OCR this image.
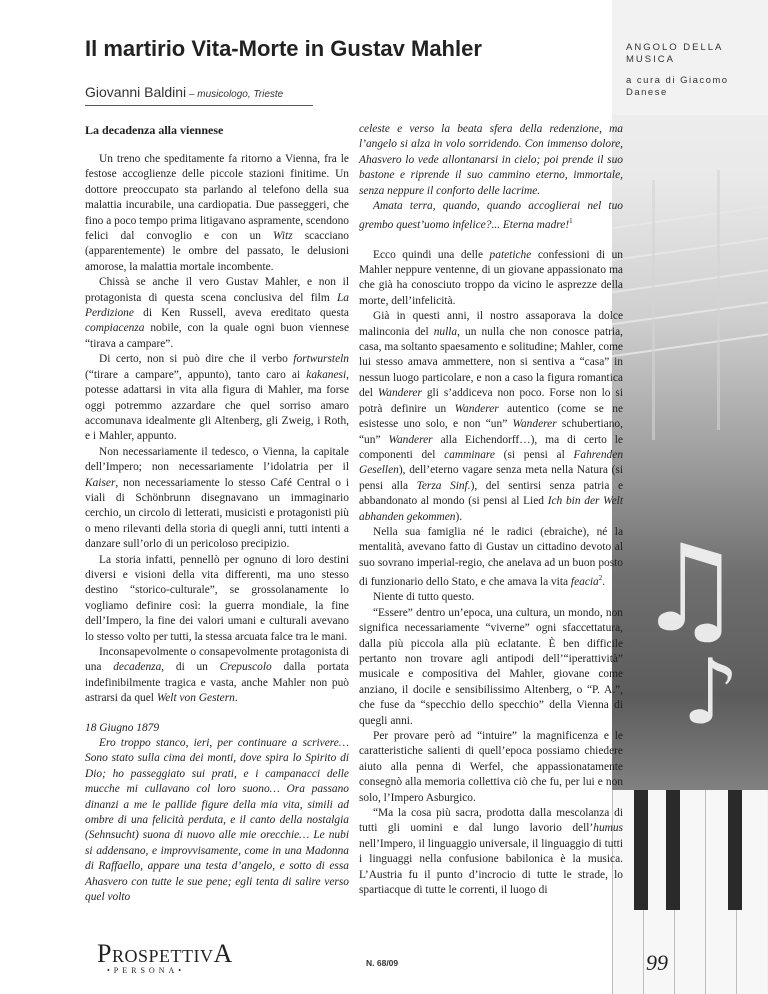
♫
♪
ANGOLO DELLA MUSICA
a cura di Giacomo Danese
Il martirio Vita-Morte in Gustav Mahler
Giovanni Baldini – musicologo, Trieste
La decadenza alla viennese

Un treno che speditamente fa ritorno a Vienna, fra le festose accoglienze delle piccole stazioni finitime. Un dottore preoccupato sta parlando al telefono della sua malattia incurabile, una cardiopatia. Due passeggeri, che fino a poco tempo prima litigavano aspramente, scendono felici dal convoglio e con un Witz scacciano (apparentemente) le ombre del passato, le delusioni amorose, la malattia mortale incombente.

Chissà se anche il vero Gustav Mahler, e non il protagonista di questa scena conclusiva del film La Perdizione di Ken Russell, aveva ereditato questa compiacenza nobile, con la quale ogni buon viennese “tirava a campare”.

Di certo, non si può dire che il verbo fortwursteln (“tirare a campare”, appunto), tanto caro ai kakanesi, potesse adattarsi in vita alla figura di Mahler, ma forse oggi potremmo azzardare che quel sorriso amaro accomunava idealmente gli Altenberg, gli Zweig, i Roth, e i Mahler, appunto.

Non necessariamente il tedesco, o Vienna, la capitale dell’Impero; non necessariamente l’idolatria per il Kaiser, non necessariamente lo stesso Café Central o i viali di Schönbrunn disegnavano un immaginario cerchio, un circolo di letterati, musicisti e protagonisti più o meno rilevanti della storia di quegli anni, tutti intenti a danzare sull’orlo di un pericoloso precipizio.

La storia infatti, pennellò per ognuno di loro destini diversi e visioni della vita differenti, ma uno stesso destino “storico-culturale”, se grossolanamente lo vogliamo definire così: la guerra mondiale, la fine dell’Impero, la fine dei valori umani e culturali avevano lo stesso volto per tutti, la stessa arcuata falce tra le mani.

Inconsapevolmente o consapevolmente protagonista di una decadenza, di un Crepuscolo dalla portata indefinibilmente tragica e vasta, anche Mahler non può astrarsi da quel Welt von Gestern.

18 Giugno 1879

Ero troppo stanco, ieri, per continuare a scrivere… Sono stato sulla cima dei monti, dove spira lo Spirito di Dio; ho passeggiato sui prati, e i campanacci delle mucche mi cullavano col loro suono… Ora passano dinanzi a me le pallide figure della mia vita, simili ad ombre di una felicità perduta, e il canto della nostalgia (Sehnsucht) suona di nuovo alle mie orecchie… Le nubi si addensano, e improvvisamente, come in una Madonna di Raffaello, appare una testa d’angelo, e sotto di essa Ahasvero con tutte le sue pene; egli tenta di salire verso quel volto

celeste e verso la beata sfera della redenzione, ma l’angelo si alza in volo sorridendo. Con immenso dolore, Ahasvero lo vede allontanarsi in cielo; poi prende il suo bastone e riprende il suo cammino eterno, immortale, senza neppure il conforto delle lacrime.

Amata terra, quando, quando accoglierai nel tuo grembo quest’uomo infelice?... Eterna madre!$^1$

Ecco quindi una delle patetiche confessioni di un Mahler neppure ventenne, di un giovane appassionato ma che già ha conosciuto troppo da vicino le asprezze della morte, dell’infelicità.

Già in questi anni, il nostro assaporava la dolce malinconia del nulla, un nulla che non conosce patria, casa, ma soltanto spaesamento e solitudine; Mahler, come lui stesso amava ammettere, non si sentiva a “casa” in nessun luogo particolare, e non a caso la figura romantica del Wanderer gli s’addiceva non poco. Forse non lo si potrà definire un Wanderer autentico (come se ne esistesse uno solo, e non “un” Wanderer schubertiano, “un” Wanderer alla Eichendorff…), ma di certo le componenti del camminare (si pensi al Fahrenden Gesellen), dell’eterno vagare senza meta nella Natura (si pensi alla Terza Sinf.), del sentirsi senza patria e abbandonato al mondo (si pensi al Lied Ich bin der Welt abhanden gekommen).

Nella sua famiglia né le radici (ebraiche), né la mentalità, avevano fatto di Gustav un cittadino devoto al suo sovrano imperial-regio, che anelava ad un buon posto di funzionario dello Stato, e che amava la vita feacia$^2$.

Niente di tutto questo.

“Essere” dentro un’epoca, una cultura, un mondo, non significa necessariamente “viverne” ogni sfaccettatura, dalla più piccola alla più eclatante. È ben difficile pertanto non trovare agli antipodi dell’“iperattività” musicale e compositiva del Mahler, giovane come anziano, il docile e sensibilissimo Altenberg, o “P. A.”, che fuse da “specchio dello specchio” della Vienna di quegli anni.

Per provare però ad “intuire” la magnificenza e le caratteristiche salienti di quell’epoca possiamo chiedere aiuto alla penna di Werfel, che appassionatamente consegnò alla memoria collettiva ciò che fu, per lui e non solo, l’Impero Asburgico.

“Ma la cosa più sacra, prodotta dalla mescolanza di tutti gli uomini e dal lungo lavorio dell’humus nell’Impero, il linguaggio universale, il linguaggio di tutti i linguaggi nella confusione babilonica è la musica. L’Austria fu il punto d’incrocio di tutte le strade, lo spartiacque di tutte le correnti, il luogo di

PROSPETTIVA
•PERSONA•
N. 68/09	99
